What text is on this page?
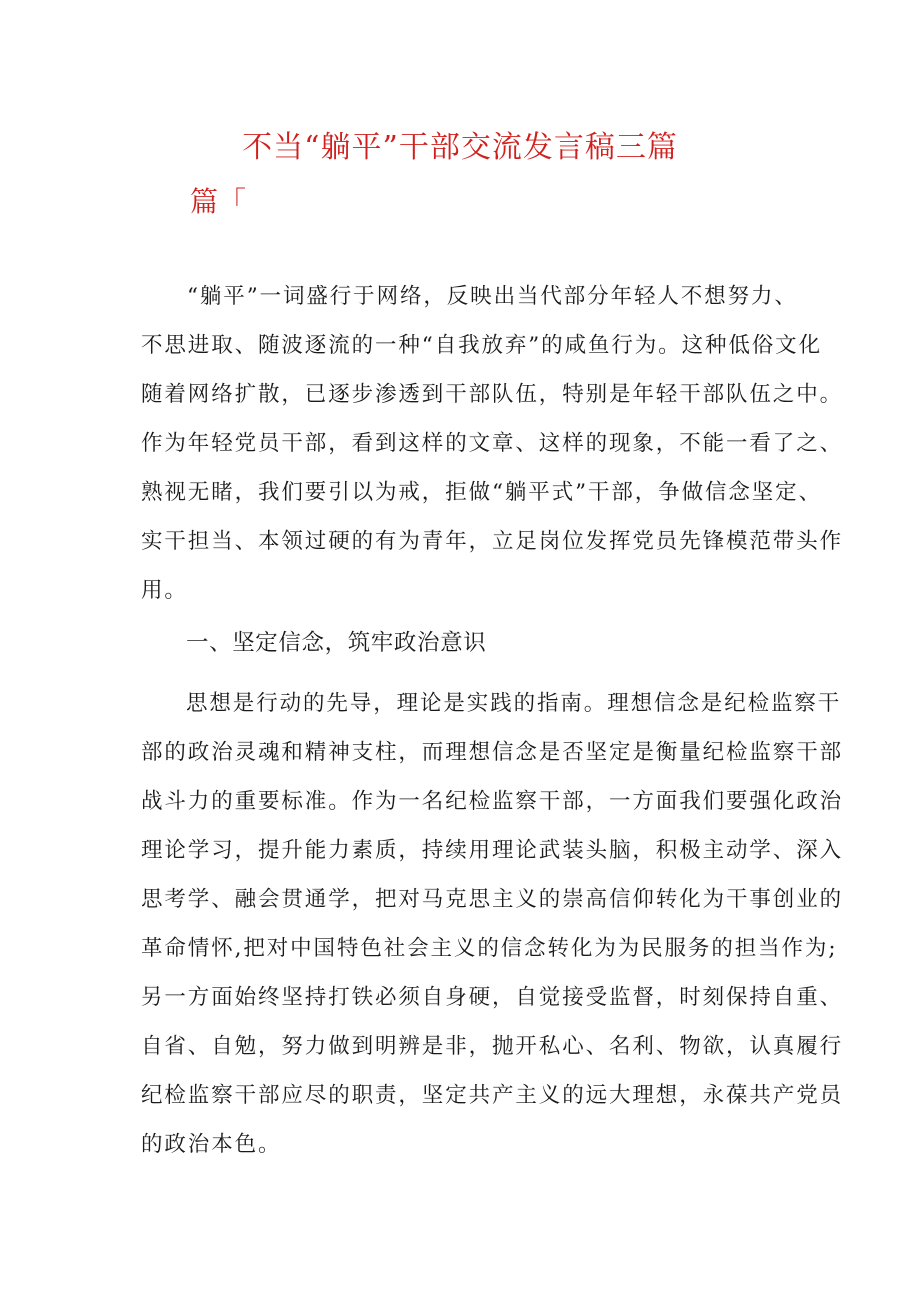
不当“躺平”干部交流发言稿三篇
篇「
“躺平”一词盛行于网络，反映出当代部分年轻人不想努力、
不思进取、随波逐流的一种“自我放弃”的咸鱼行为。这种低俗文化
随着网络扩散，已逐步渗透到干部队伍，特别是年轻干部队伍之中。
作为年轻党员干部，看到这样的文章、这样的现象，不能一看了之、
熟视无睹，我们要引以为戒，拒做“躺平式”干部，争做信念坚定、
实干担当、本领过硬的有为青年，立足岗位发挥党员先锋模范带头作
用。
一、坚定信念，筑牢政治意识
思想是行动的先导，理论是实践的指南。理想信念是纪检监察干
部的政治灵魂和精神支柱，而理想信念是否坚定是衡量纪检监察干部
战斗力的重要标准。作为一名纪检监察干部，一方面我们要强化政治
理论学习，提升能力素质，持续用理论武装头脑，积极主动学、深入
思考学、融会贯通学，把对马克思主义的崇高信仰转化为干事创业的
革命情怀,把对中国特色社会主义的信念转化为为民服务的担当作为;
另一方面始终坚持打铁必须自身硬，自觉接受监督，时刻保持自重、
自省、自勉，努力做到明辨是非，抛开私心、名利、物欲，认真履行
纪检监察干部应尽的职责，坚定共产主义的远大理想，永葆共产党员
的政治本色。
